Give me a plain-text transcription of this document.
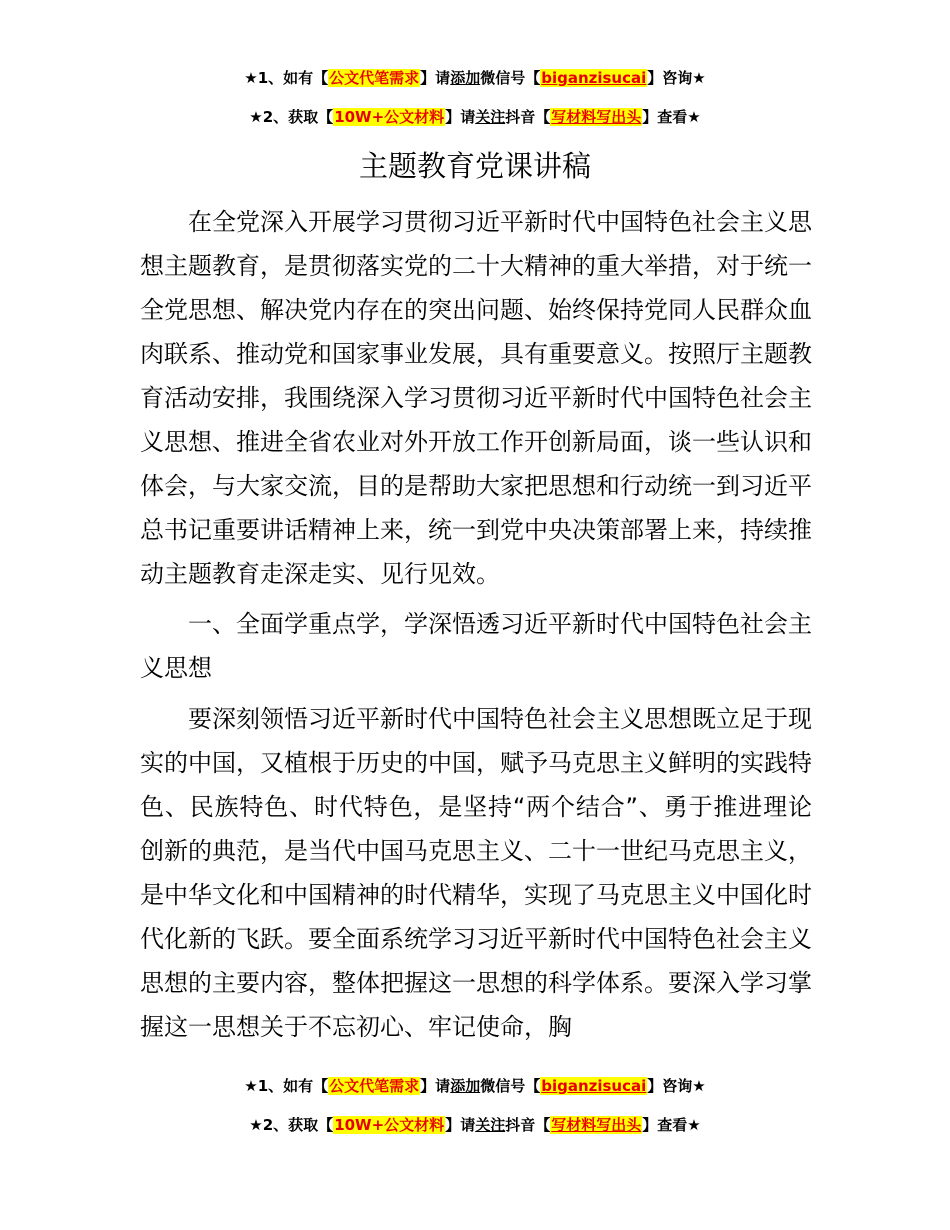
★1、如有【公文代笔需求】请添加微信号【biganzisucai】咨询★
★2、获取【10W+公文材料】请关注抖音【写材料写出头】查看★
主题教育党课讲稿

在全党深入开展学习贯彻习近平新时代中国特色社会主义思想主题教育，是贯彻落实党的二十大精神的重大举措，对于统一全党思想、解决党内存在的突出问题、始终保持党同人民群众血肉联系、推动党和国家事业发展，具有重要意义。按照厅主题教育活动安排，我围绕深入学习贯彻习近平新时代中国特色社会主义思想、推进全省农业对外开放工作开创新局面，谈一些认识和体会，与大家交流，目的是帮助大家把思想和行动统一到习近平总书记重要讲话精神上来，统一到党中央决策部署上来，持续推动主题教育走深走实、见行见效。

一、全面学重点学，学深悟透习近平新时代中国特色社会主义思想

要深刻领悟习近平新时代中国特色社会主义思想既立足于现实的中国，又植根于历史的中国，赋予马克思主义鲜明的实践特色、民族特色、时代特色，是坚持“两个结合”、勇于推进理论创新的典范，是当代中国马克思主义、二十一世纪马克思主义，是中华文化和中国精神的时代精华，实现了马克思主义中国化时代化新的飞跃。要全面系统学习习近平新时代中国特色社会主义思想的主要内容，整体把握这一思想的科学体系。要深入学习掌握这一思想关于不忘初心、牢记使命，胸

★1、如有【公文代笔需求】请添加微信号【biganzisucai】咨询★
★2、获取【10W+公文材料】请关注抖音【写材料写出头】查看★
